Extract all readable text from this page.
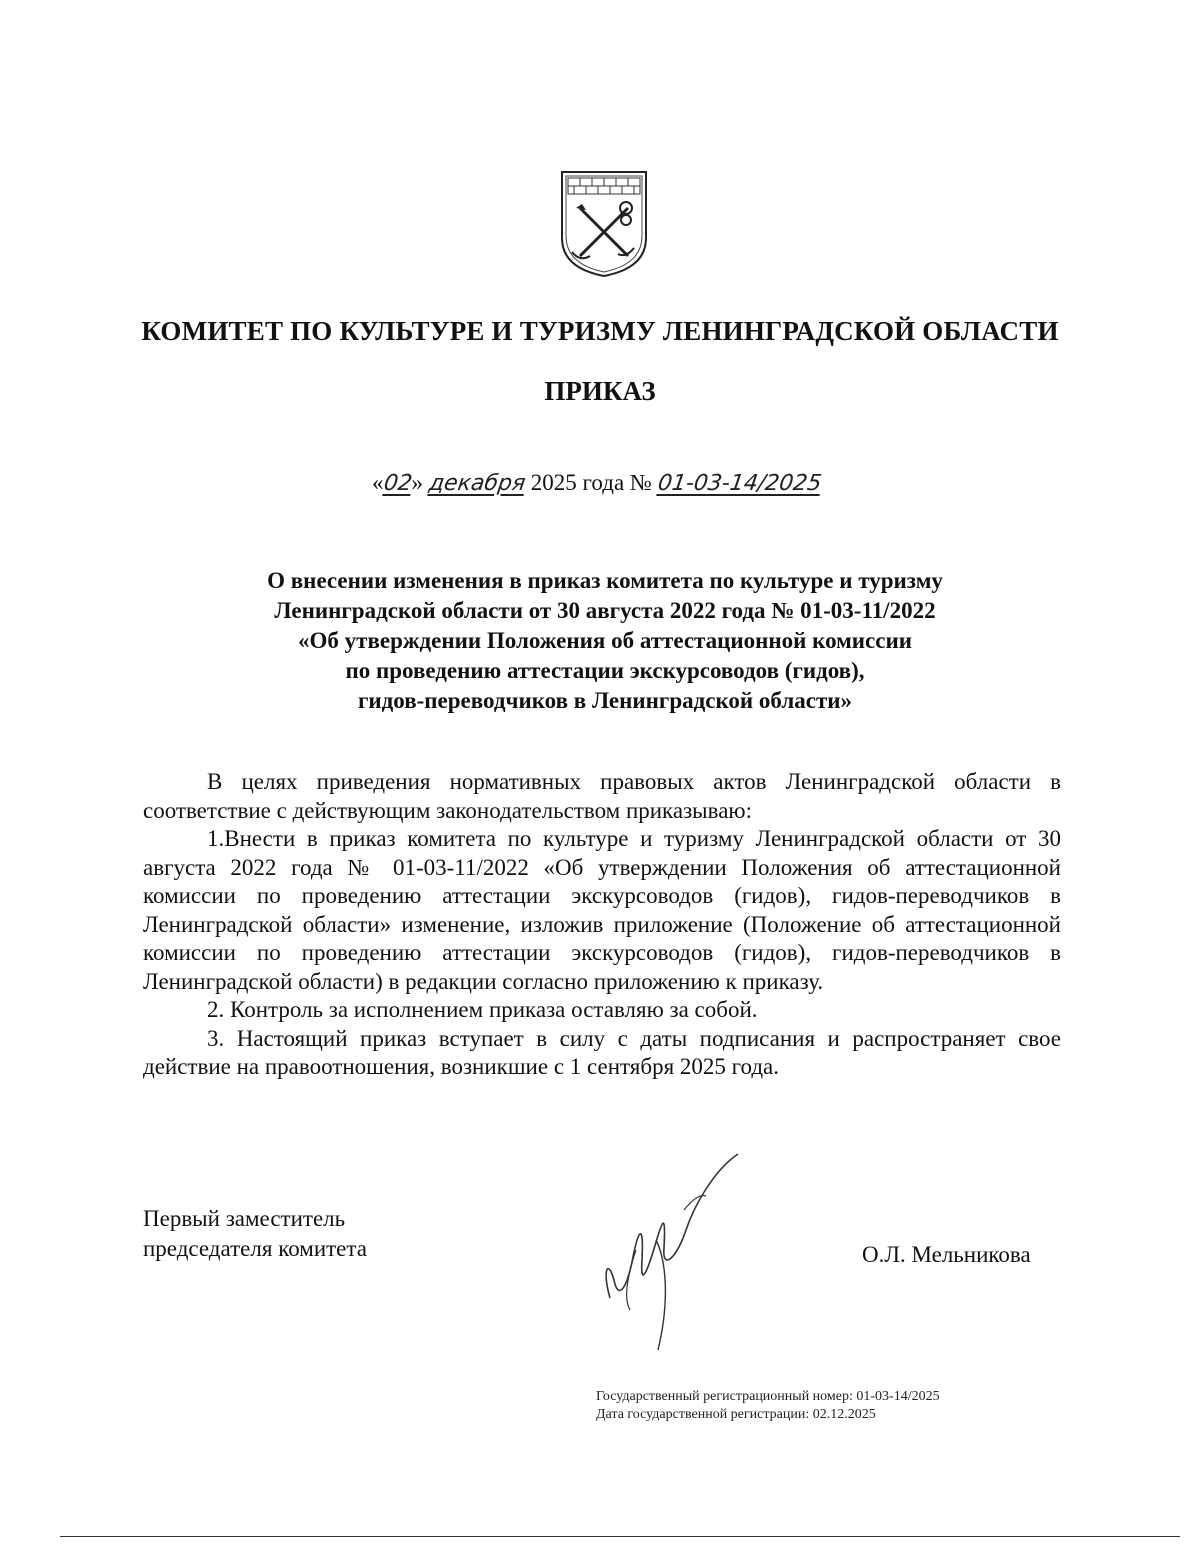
КОМИТЕТ ПО КУЛЬТУРЕ И ТУРИЗМУ ЛЕНИНГРАДСКОЙ ОБЛАСТИ
ПРИКАЗ
«02» декабря 2025 года № 01-03-14/2025
О внесении изменения в приказ комитета по культуре и туризму
Ленинградской области от 30 августа 2022 года № 01-03-11/2022
«Об утверждении Положения об аттестационной комиссии
по проведению аттестации экскурсоводов (гидов),
гидов-переводчиков в Ленинградской области»

В целях приведения нормативных правовых актов Ленинградской области в соответствие с действующим законодательством приказываю:

1.Внести в приказ комитета по культуре и туризму Ленинградской области от 30 августа 2022 года № 01-03-11/2022 «Об утверждении Положения об аттестационной комиссии по проведению аттестации экскурсоводов (гидов), гидов-переводчиков в Ленинградской области» изменение, изложив приложение (Положение об аттестационной комиссии по проведению аттестации экскурсоводов (гидов), гидов-переводчиков в Ленинградской области) в редакции согласно приложению к приказу.

2. Контроль за исполнением приказа оставляю за собой.

3. Настоящий приказ вступает в силу с даты подписания и распространяет свое действие на правоотношения, возникшие с 1 сентября 2025 года.

Первый заместитель
председателя комитета	О.Л. Мельникова
Государственный регистрационный номер: 01-03-14/2025
Дата государственной регистрации: 02.12.2025
